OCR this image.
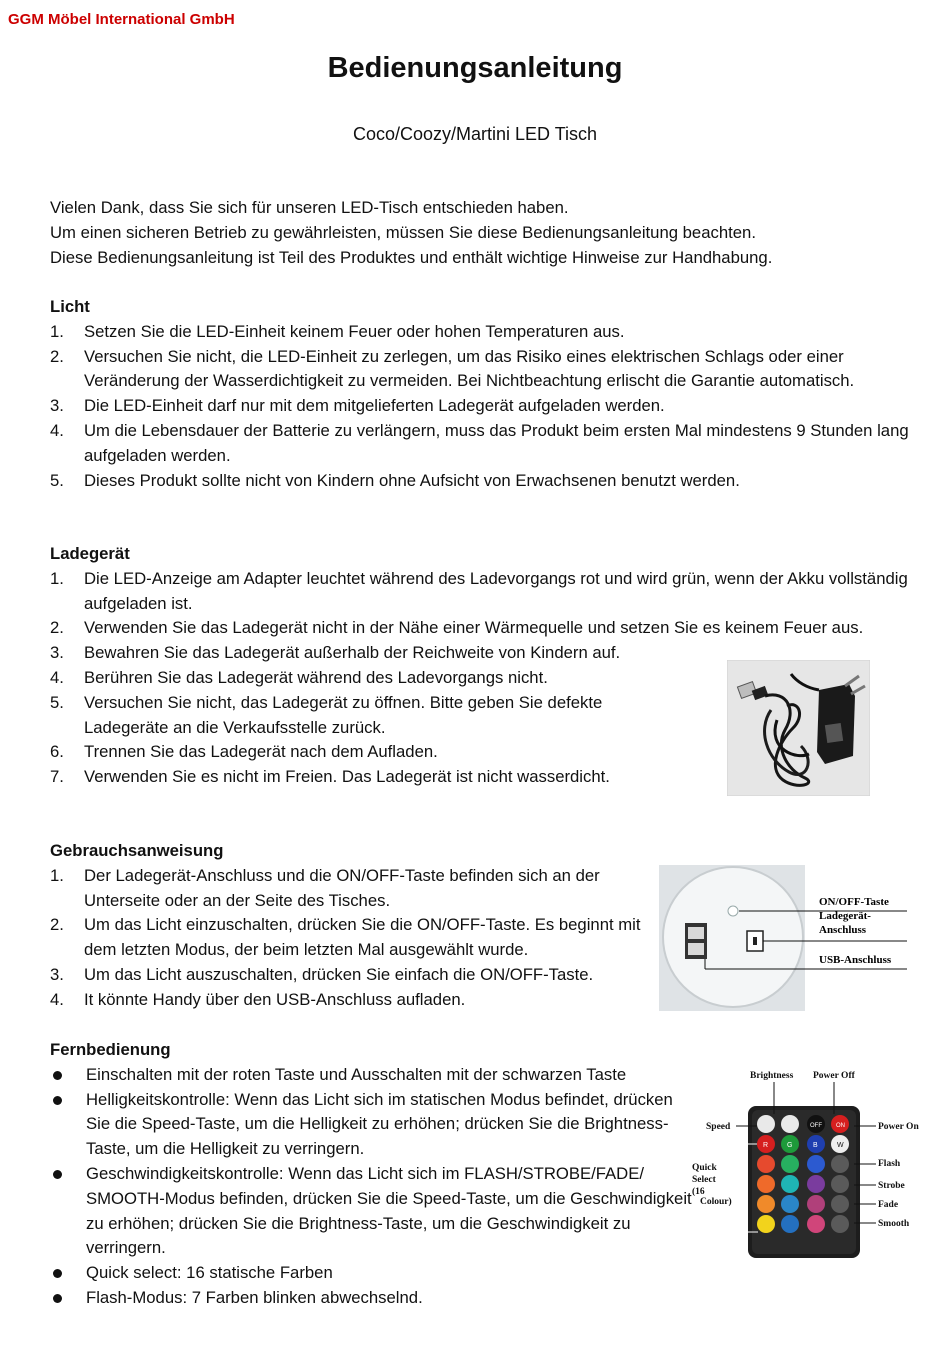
GGM Möbel International GmbH
Bedienungsanleitung
Coco/Coozy/Martini LED Tisch

Vielen Dank, dass Sie sich für unseren LED-Tisch entschieden haben.

Um einen sicheren Betrieb zu gewährleisten, müssen Sie diese Bedienungsanleitung beachten.

Diese Bedienungsanleitung ist Teil des Produktes und enthält wichtige Hinweise zur Handhabung.

Licht
1. Setzen Sie die LED-Einheit keinem Feuer oder hohen Temperaturen aus.
2. Versuchen Sie nicht, die LED-Einheit zu zerlegen, um das Risiko eines elektrischen Schlags oder einer Veränderung der Wasserdichtigkeit zu vermeiden. Bei Nichtbeachtung erlischt die Garantie automatisch.
3. Die LED-Einheit darf nur mit dem mitgelieferten Ladegerät aufgeladen werden.
4. Um die Lebensdauer der Batterie zu verlängern, muss das Produkt beim ersten Mal mindestens 9 Stunden lang aufgeladen werden.
5. Dieses Produkt sollte nicht von Kindern ohne Aufsicht von Erwachsenen benutzt werden.
Ladegerät
1. Die LED-Anzeige am Adapter leuchtet während des Ladevorgangs rot und wird grün, wenn der Akku vollständig aufgeladen ist.
2. Verwenden Sie das Ladegerät nicht in der Nähe einer Wärmequelle und setzen Sie es keinem Feuer aus.
3. Bewahren Sie das Ladegerät außerhalb der Reichweite von Kindern auf.
4. Berühren Sie das Ladegerät während des Ladevorgangs nicht.
5. Versuchen Sie nicht, das Ladegerät zu öffnen. Bitte geben Sie defekte Ladegeräte an die Verkaufsstelle zurück.
6. Trennen Sie das Ladegerät nach dem Aufladen.
7. Verwenden Sie es nicht im Freien. Das Ladegerät ist nicht wasserdicht.
Gebrauchsanweisung
1. Der Ladegerät-Anschluss und die ON/OFF-Taste befinden sich an der Unterseite oder an der Seite des Tisches.
2. Um das Licht einzuschalten, drücken Sie die ON/OFF-Taste. Es beginnt mit dem letzten Modus, der beim letzten Mal ausgewählt wurde.
3. Um das Licht auszuschalten, drücken Sie einfach die ON/OFF-Taste.
4. It könnte Handy über den USB-Anschluss aufladen.
ON/OFF-Taste
Ladegerät-
Anschluss
USB-Anschluss
Fernbedienung
Einschalten mit der roten Taste und Ausschalten mit der schwarzen Taste
Helligkeitskontrolle: Wenn das Licht sich im statischen Modus befindet, drücken Sie die Speed-Taste, um die Helligkeit zu erhöhen; drücken Sie die Brightness-Taste, um die Helligkeit zu verringern.
Geschwindigkeitskontrolle: Wenn das Licht sich im FLASH/STROBE/FADE/ SMOOTH-Modus befinden, drücken Sie die Speed-Taste, um die Geschwindigkeit zu erhöhen; drücken Sie die Brightness-Taste, um die Geschwindigkeit zu verringern.
Quick select: 16 statische Farben
Flash-Modus: 7 Farben blinken abwechselnd.
Brightness Power Off
Speed	Power On
Quick
Select
(16
Colour)
Flash
Strobe
Fade
Smooth
OFF ON
R	G	B	W
